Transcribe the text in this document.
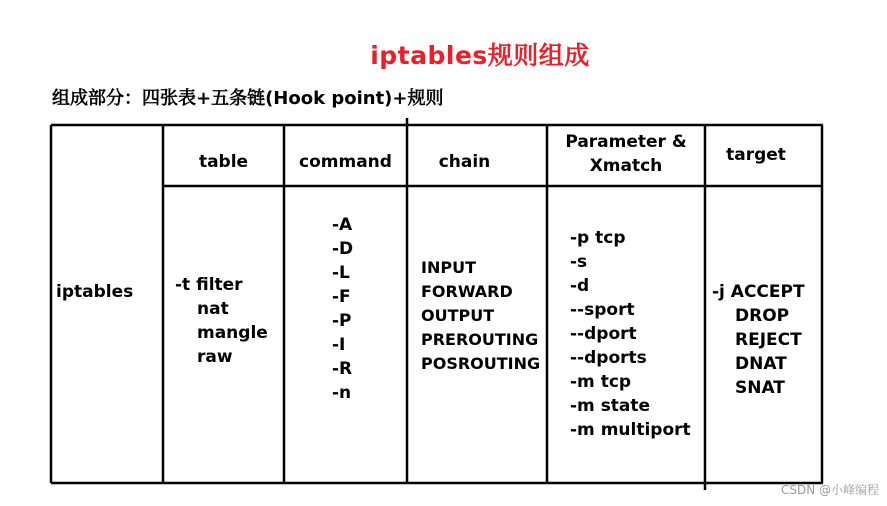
iptables规则组成
组成部分：四张表+五条链(Hook point)+规则
iptables
table	command	chain
Parameter &
Xmatch
target
-t filter
nat
mangle
raw
-A
-D
-L
-F
-P
-I
-R
-n
INPUT
FORWARD
OUTPUT
PREROUTING
POSROUTING
-p tcp
-s
-d
--sport
--dport
--dports
-m tcp
-m state
-m multiport
-j ACCEPT
DROP
REJECT
DNAT
SNAT
CSDN @小峰编程
